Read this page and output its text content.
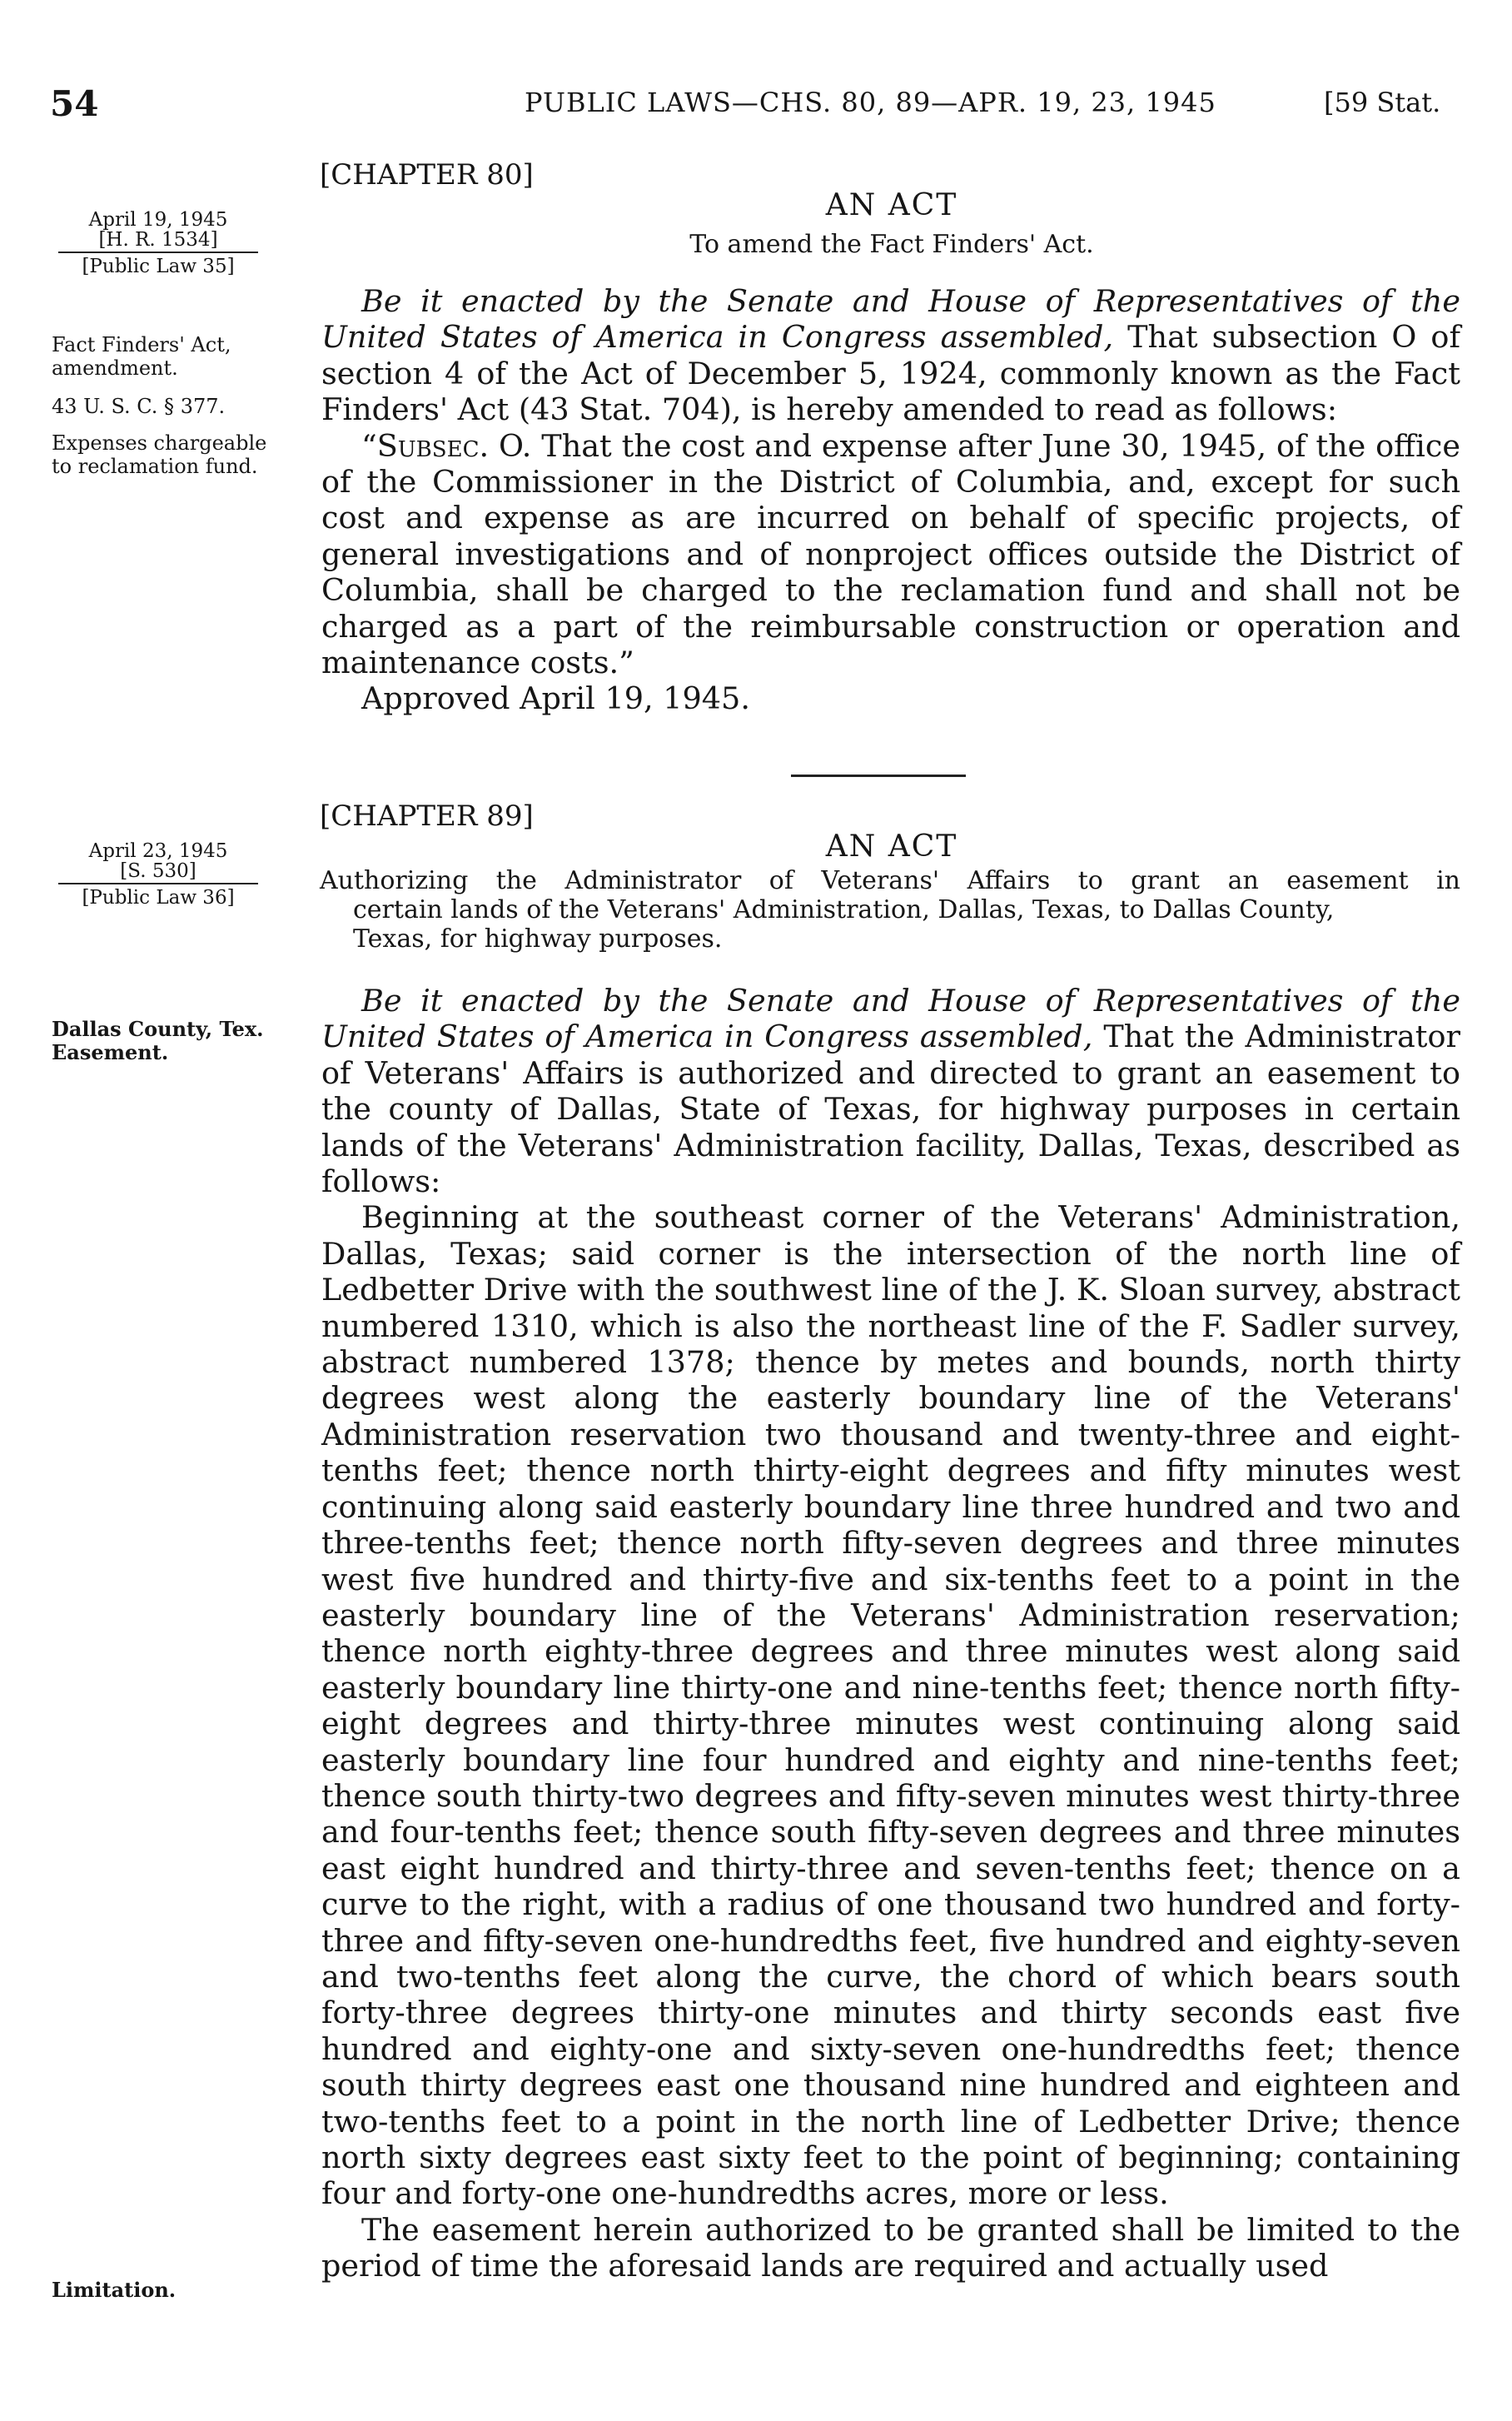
54	PUBLIC LAWS—CHS. 80, 89—APR. 19, 23, 1945	[59 Stat.
[CHAPTER 80]
AN ACT
To amend the Fact Finders' Act.
April 19, 1945
[H. R. 1534]
[Public Law 35]
Fact Finders' Act, amendment.
43 U. S. C. § 377.
Expenses chargeable to reclamation fund.

Be it enacted by the Senate and House of Representatives of the United States of America in Congress assembled, That subsection O of section 4 of the Act of December 5, 1924, commonly known as the Fact Finders' Act (43 Stat. 704), is hereby amended to read as follows:

“Subsec. O. That the cost and expense after June 30, 1945, of the office of the Commissioner in the District of Columbia, and, except for such cost and expense as are incurred on behalf of specific projects, of general investigations and of nonproject offices outside the District of Columbia, shall be charged to the reclamation fund and shall not be charged as a part of the reimbursable construction or operation and maintenance costs.”

Approved April 19, 1945.

[CHAPTER 89]
AN ACT
Authorizing the Administrator of Veterans' Affairs to grant an easement in
certain lands of the Veterans' Administration, Dallas, Texas, to Dallas County,
Texas, for highway purposes.
April 23, 1945
[S. 530]
[Public Law 36]
Dallas County, Tex. Easement.
Limitation.

Be it enacted by the Senate and House of Representatives of the United States of America in Congress assembled, That the Administrator of Veterans' Affairs is authorized and directed to grant an easement to the county of Dallas, State of Texas, for highway purposes in certain lands of the Veterans' Administration facility, Dallas, Texas, described as follows:

Beginning at the southeast corner of the Veterans' Administration, Dallas, Texas; said corner is the intersection of the north line of Ledbetter Drive with the southwest line of the J. K. Sloan survey, abstract numbered 1310, which is also the northeast line of the F. Sadler survey, abstract numbered 1378; thence by metes and bounds, north thirty degrees west along the easterly boundary line of the Veterans' Administration reservation two thousand and twenty-three and eight-tenths feet; thence north thirty-eight degrees and fifty minutes west continuing along said easterly boundary line three hundred and two and three-tenths feet; thence north fifty-seven degrees and three minutes west five hundred and thirty-five and six-tenths feet to a point in the easterly boundary line of the Veterans' Administration reservation; thence north eighty-three degrees and three minutes west along said easterly boundary line thirty-one and nine-tenths feet; thence north fifty-eight degrees and thirty-three minutes west continuing along said easterly boundary line four hundred and eighty and nine-tenths feet; thence south thirty-two degrees and fifty-seven minutes west thirty-three and four-tenths feet; thence south fifty-seven degrees and three minutes east eight hundred and thirty-three and seven-tenths feet; thence on a curve to the right, with a radius of one thousand two hundred and forty-three and fifty-seven one-hundredths feet, five hundred and eighty-seven and two-tenths feet along the curve, the chord of which bears south forty-three degrees thirty-one minutes and thirty seconds east five hundred and eighty-one and sixty-seven one-hundredths feet; thence south thirty degrees east one thousand nine hundred and eighteen and two-tenths feet to a point in the north line of Ledbetter Drive; thence north sixty degrees east sixty feet to the point of beginning; containing four and forty-one one-hundredths acres, more or less.

The easement herein authorized to be granted shall be limited to the period of time the aforesaid lands are required and actually used
